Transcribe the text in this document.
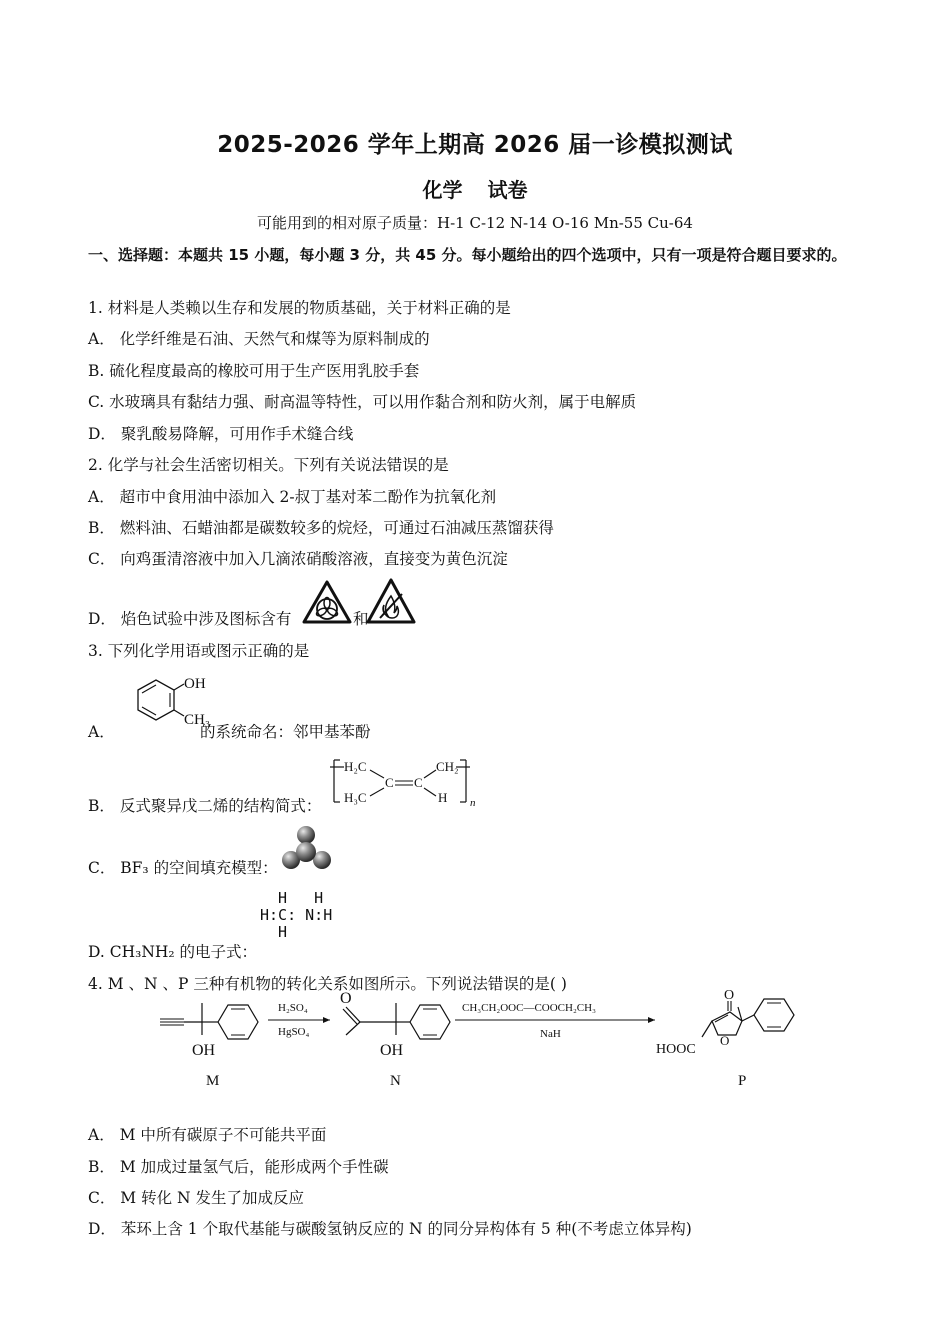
2025-2026 学年上期高 2026 届一诊模拟测试
化学 试卷
可能用到的相对原子质量：H-1 C-12 N-14 O-16 Mn-55 Cu-64
一、选择题：本题共 15 小题，每小题 3 分，共 45 分。每小题给出的四个选项中，只有一项是符合题目要求的。
1. 材料是人类赖以生存和发展的物质基础，关于材料正确的是
A． 化学纤维是石油、天然气和煤等为原料制成的
B. 硫化程度最高的橡胶可用于生产医用乳胶手套
C. 水玻璃具有黏结力强、耐高温等特性，可以用作黏合剂和防火剂，属于电解质
D． 聚乳酸易降解，可用作手术缝合线
2. 化学与社会生活密切相关。下列有关说法错误的是
A． 超市中食用油中添加入 2-叔丁基对苯二酚作为抗氧化剂
B． 燃料油、石蜡油都是碳数较多的烷烃，可通过石油减压蒸馏获得
C． 向鸡蛋清溶液中加入几滴浓硝酸溶液，直接变为黄色沉淀
D． 焰色试验中涉及图标含有	和
3. 下列化学用语或图示正确的是
A．
OH
CH₃
的系统命名：邻甲基苯酚
B． 反式聚异戊二烯的结构简式：
H₂C
H₃C
C C
CH₂
H n
C． BF₃ 的空间填充模型：
D. CH₃NH₂ 的电子式：
H   H
H:C: N:H
H
4. M 、N 、P 三种有机物的转化关系如图所示。下列说法错误的是( )
OH
M
H₂SO₄
HgSO₄
O
OH
N
CH₃CH₂OOC—COOCH₂CH₃
NaH
O
O
HOOC
P
A． M 中所有碳原子不可能共平面
B． M 加成过量氢气后，能形成两个手性碳
C． M 转化 N 发生了加成反应
D． 苯环上含 1 个取代基能与碳酸氢钠反应的 N 的同分异构体有 5 种(不考虑立体异构)
